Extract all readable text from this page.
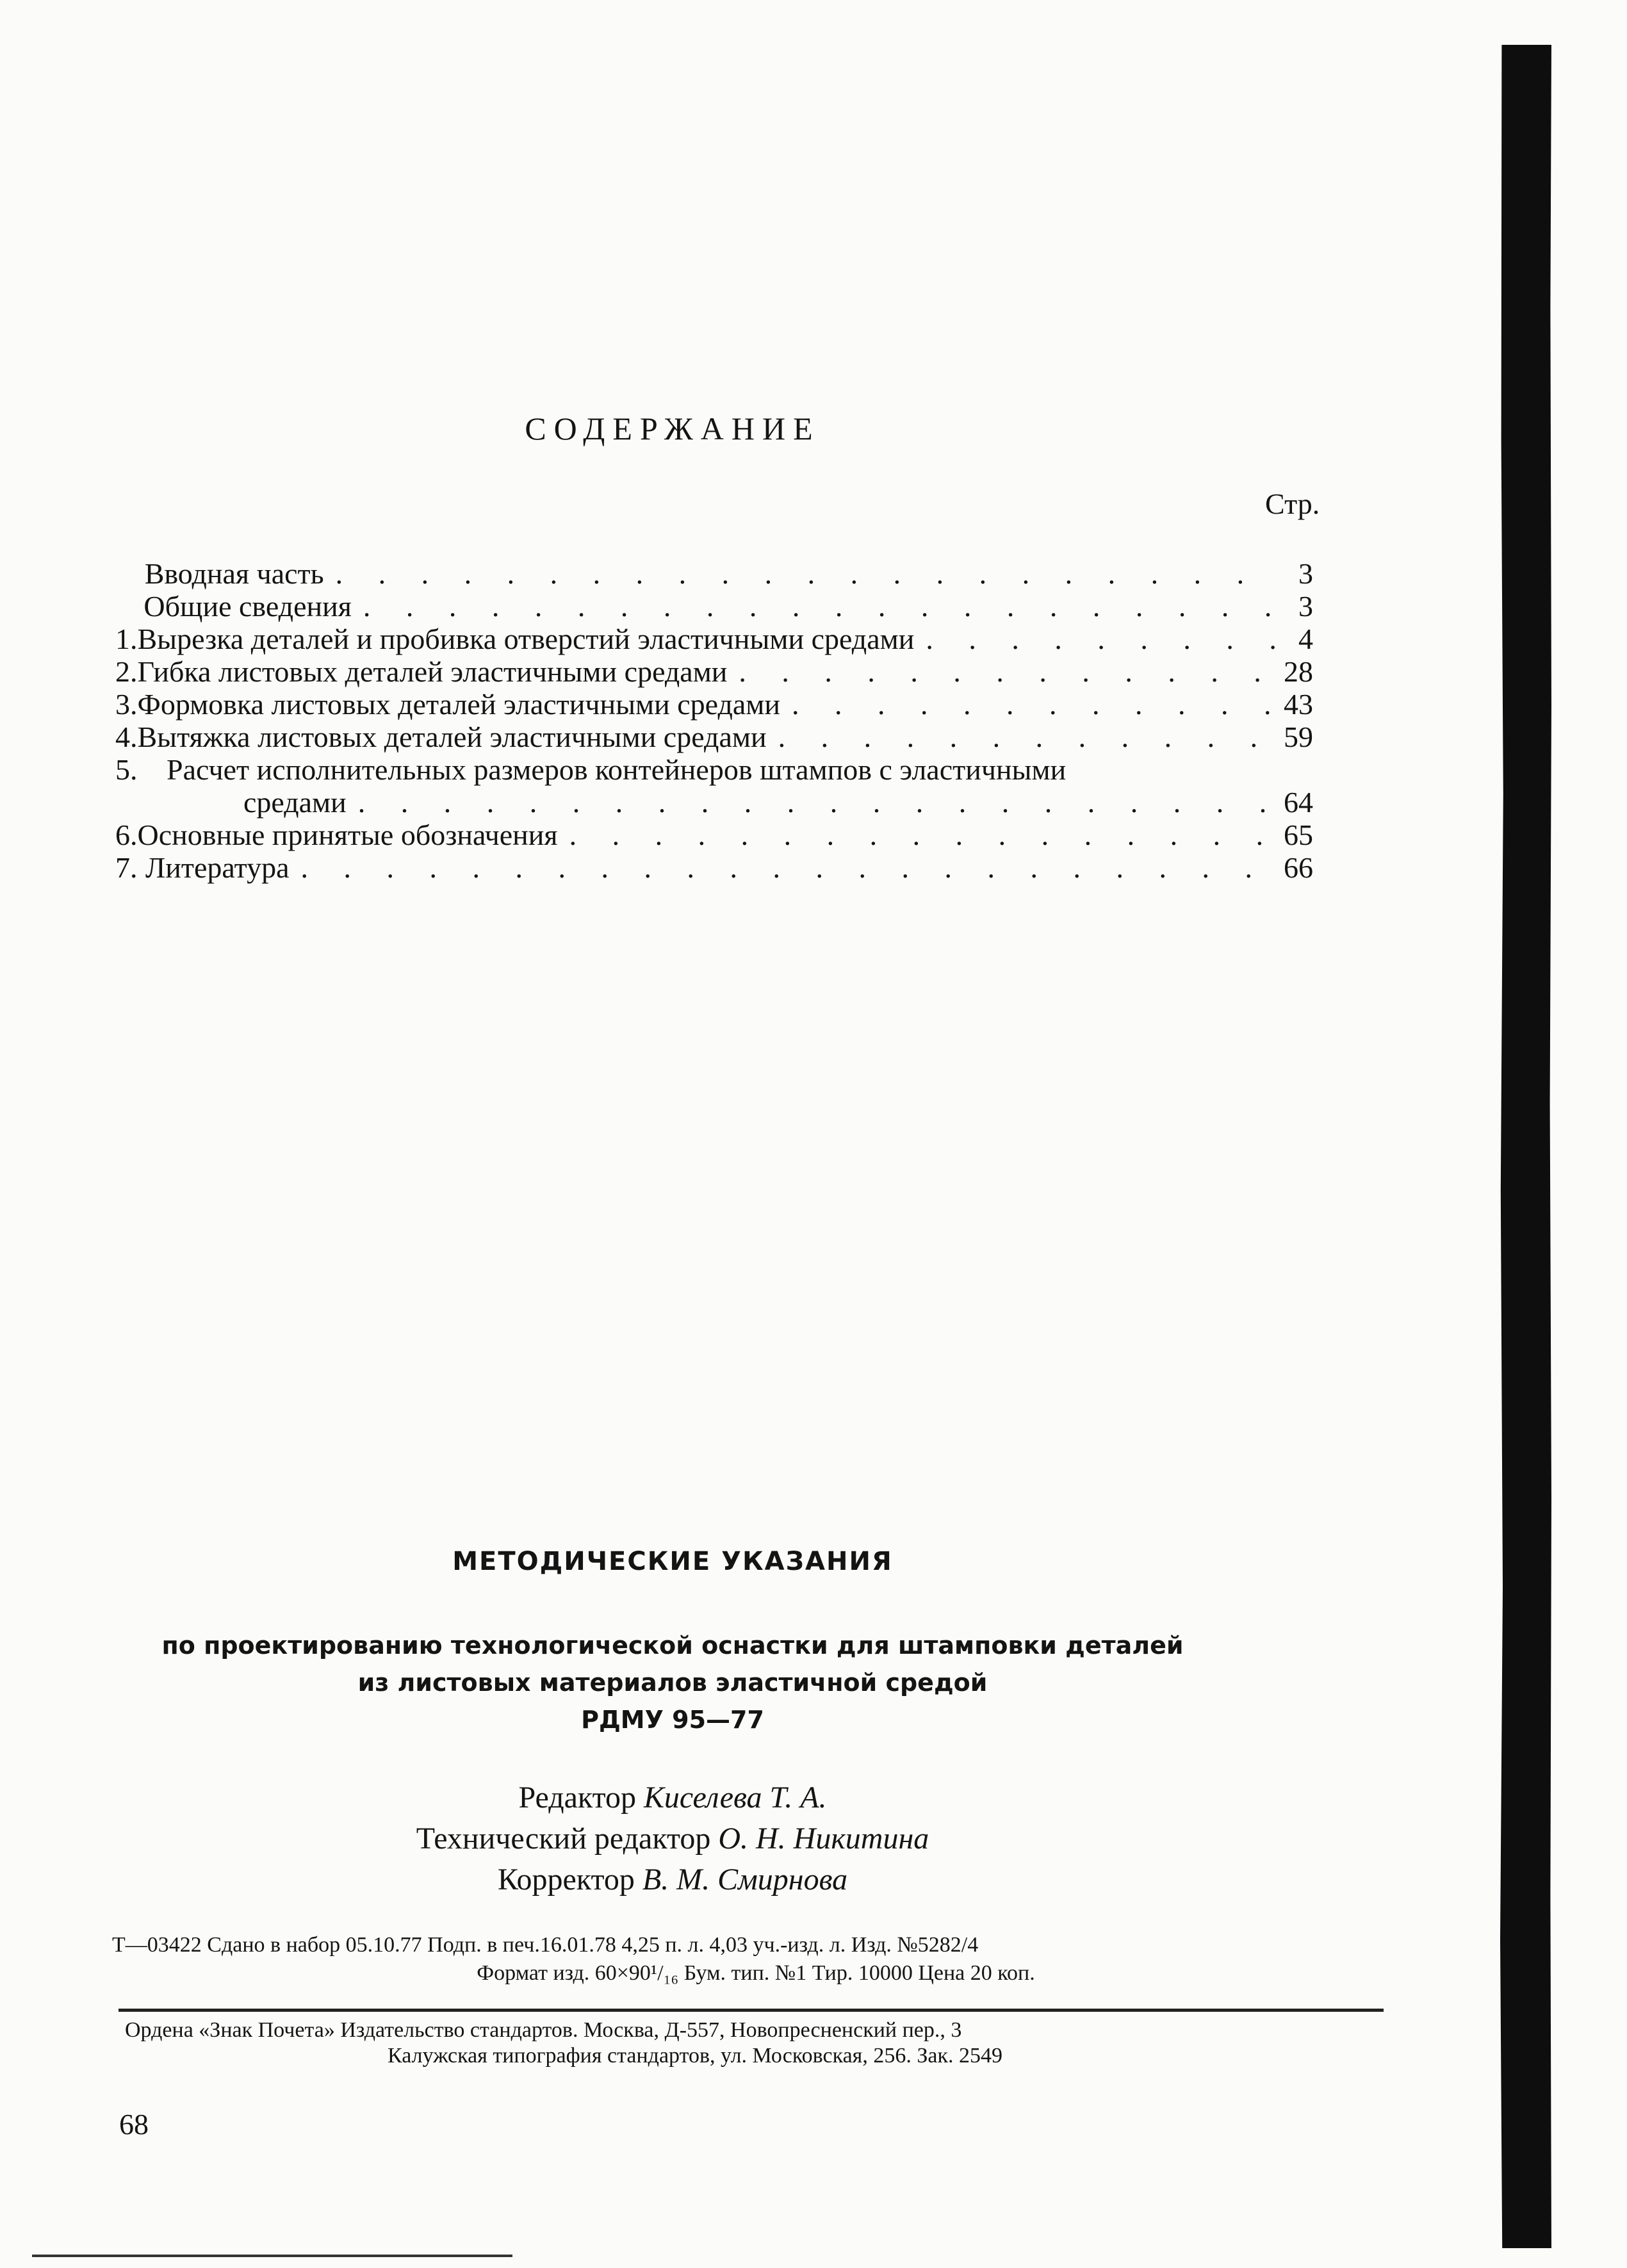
СОДЕРЖАНИЕ
Стр.
Вводная часть . . .	3
Общие сведения . . .	3
1. Вырезка деталей и пробивка отверстий эластичными средами . . .	4
2. Гибка листовых деталей эластичными средами . . .	28
3. Формовка листовых деталей эластичными средами . . .	43
4. Вытяжка листовых деталей эластичными средами . . .	59
5. Расчет исполнительных размеров контейнеров штампов с эластичными
средами . . .	64
6. Основные принятые обозначения . . .	65
7. Литература . . .	66
МЕТОДИЧЕСКИЕ УКАЗАНИЯ
по проектированию технологической оснастки для штамповки деталей
из листовых материалов эластичной средой
РДМУ 95—77
Редактор Киселева Т. А.
Технический редактор О. Н. Никитина
Корректор В. М. Смирнова
Т—03422 Сдано в набор 05.10.77 Подп. в печ.16.01.78 4,25 п. л. 4,03 уч.-изд. л. Изд. №5282/4
Формат изд. 60×90¹/₁₆ Бум. тип. №1 Тир. 10000 Цена 20 коп.
Ордена «Знак Почета» Издательство стандартов. Москва, Д-557, Новопресненский пер., 3
Калужская типография стандартов, ул. Московская, 256. Зак. 2549
68
